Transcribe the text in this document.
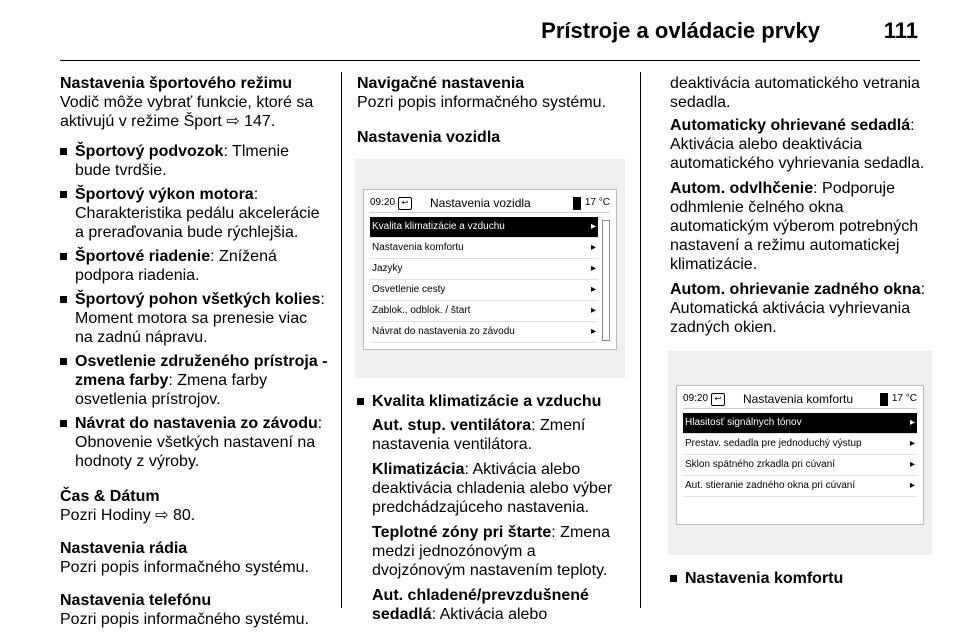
Prístroje a ovládacie prvky	111
Nastavenia športového režimu

Vodič môže vybrať funkcie, ktoré sa aktivujú v režime Šport ⇨ 147.

Športový podvozok: Tlmenie bude tvrdšie.
Športový výkon motora: Charakteristika pedálu akcelerácie a preraďovania bude rýchlejšia.
Športové riadenie: Znížená podpora riadenia.
Športový pohon všetkých kolies: Moment motora sa prenesie viac na zadnú nápravu.
Osvetlenie združeného prístroja - zmena farby: Zmena farby osvetlenia prístrojov.
Návrat do nastavenia zo závodu: Obnovenie všetkých nastavení na hodnoty z výroby.
Čas & Dátum

Pozri Hodiny ⇨ 80.

Nastavenia rádia

Pozri popis informačného systému.

Nastavenia telefónu

Pozri popis informačného systému.

Navigačné nastavenia

Pozri popis informačného systému.

Nastavenia vozidla
09:20 ↩	Nastavenia vozidla	17 °C
Kvalita klimatizácie a vzduchu	▸
Nastavenia komfortu	▸
Jazyky	▸
Osvetlenie cesty	▸
Zablok., odblok. / štart	▸
Návrat do nastavenia zo závodu	▸
Kvalita klimatizácie a vzduchu
Aut. stup. ventilátora: Zmení nastavenia ventilátora.
Klimatizácia: Aktivácia alebo deaktivácia chladenia alebo výber predchádzajúceho nastavenia.
Teplotné zóny pri štarte: Zmena medzi jednozónovým a dvojzónovým nastavením teploty.
Aut. chladené/prevzdušnené sedadlá: Aktivácia alebo

deaktivácia automatického vetrania sedadla.

Automaticky ohrievané sedadlá: Aktivácia alebo deaktivácia automatického vyhrievania sedadla.
Autom. odvlhčenie: Podporuje odhmlenie čelného okna automatickým výberom potrebných nastavení a režimu automatickej klimatizácie.
Autom. ohrievanie zadného okna: Automatická aktivácia vyhrievania zadných okien.
09:20 ↩	Nastavenia komfortu	17 °C
Hlasitosť signálnych tónov	▸
Prestav. sedadla pre jednoduchý výstup	▸
Sklon spätného zrkadla pri cúvaní	▸
Aut. stieranie zadného okna pri cúvaní	▸
Nastavenia komfortu
